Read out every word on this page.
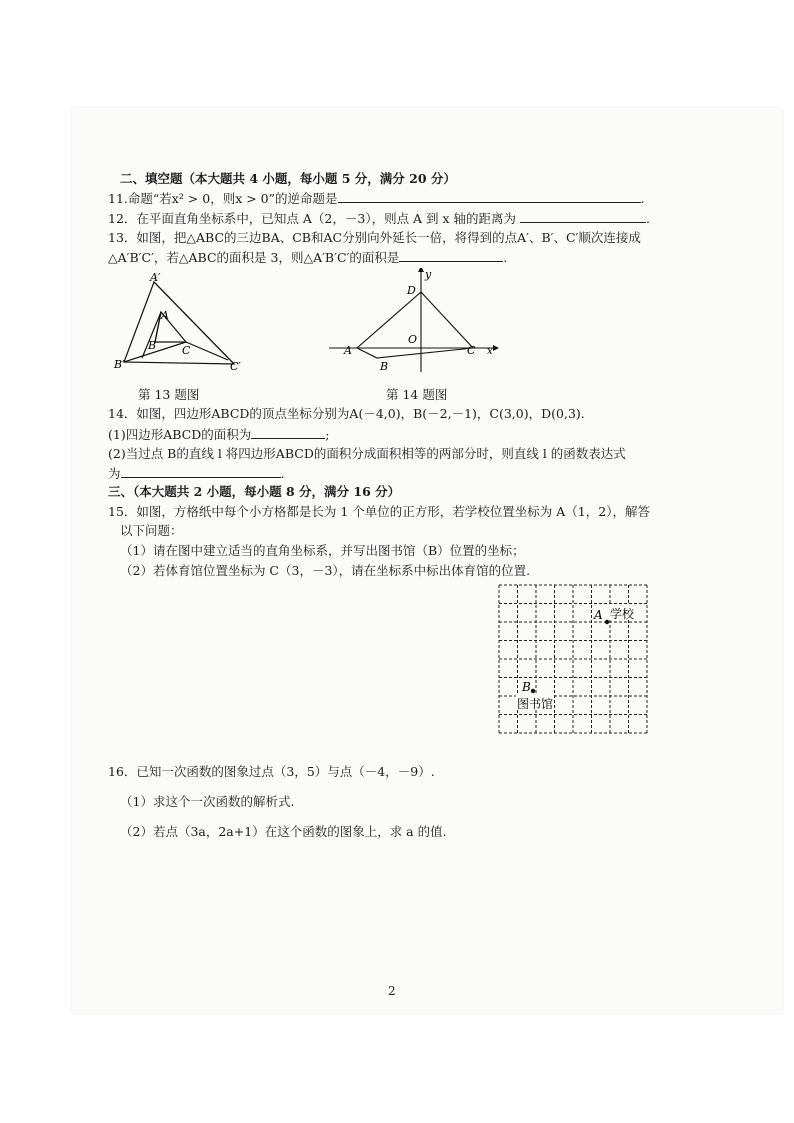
二、填空题（本大题共 4 小题，每小题 5 分，满分 20 分）
11.命题“若x² > 0，则x > 0”的逆命题是	.
12．在平面直角坐标系中，已知点 A（2，－3），则点 A 到 x 轴的距离为	.
13．如图，把△ABC的三边BA、CB和AC分别向外延长一倍，将得到的点A′、B′、C′顺次连接成
△A′B′C′，若△ABC的面积是 3，则△A′B′C′的面积是	.
A′
A
B C
B′	C′
第 13 题图
y
D
O
A	C x
B
第 14 题图
14．如图，四边形ABCD的顶点坐标分别为A(－4,0)，B(－2,－1)，C(3,0)，D(0,3).
(1)四边形ABCD的面积为	;
(2)当过点 B的直线 l 将四边形ABCD的面积分成面积相等的两部分时，则直线 l 的函数表达式
为	.
三、（本大题共 2 小题，每小题 8 分，满分 16 分）
15．如图，方格纸中每个小方格都是长为 1 个单位的正方形，若学校位置坐标为 A（1，2），解答
以下问题：
（1）请在图中建立适当的直角坐标系，并写出图书馆（B）位置的坐标；
（2）若体育馆位置坐标为 C（3，－3），请在坐标系中标出体育馆的位置.
A 学校
B
图书馆
16．已知一次函数的图象过点（3，5）与点（－4，－9）.
（1）求这个一次函数的解析式.
（2）若点（3a，2a+1）在这个函数的图象上，求 a 的值.
2
